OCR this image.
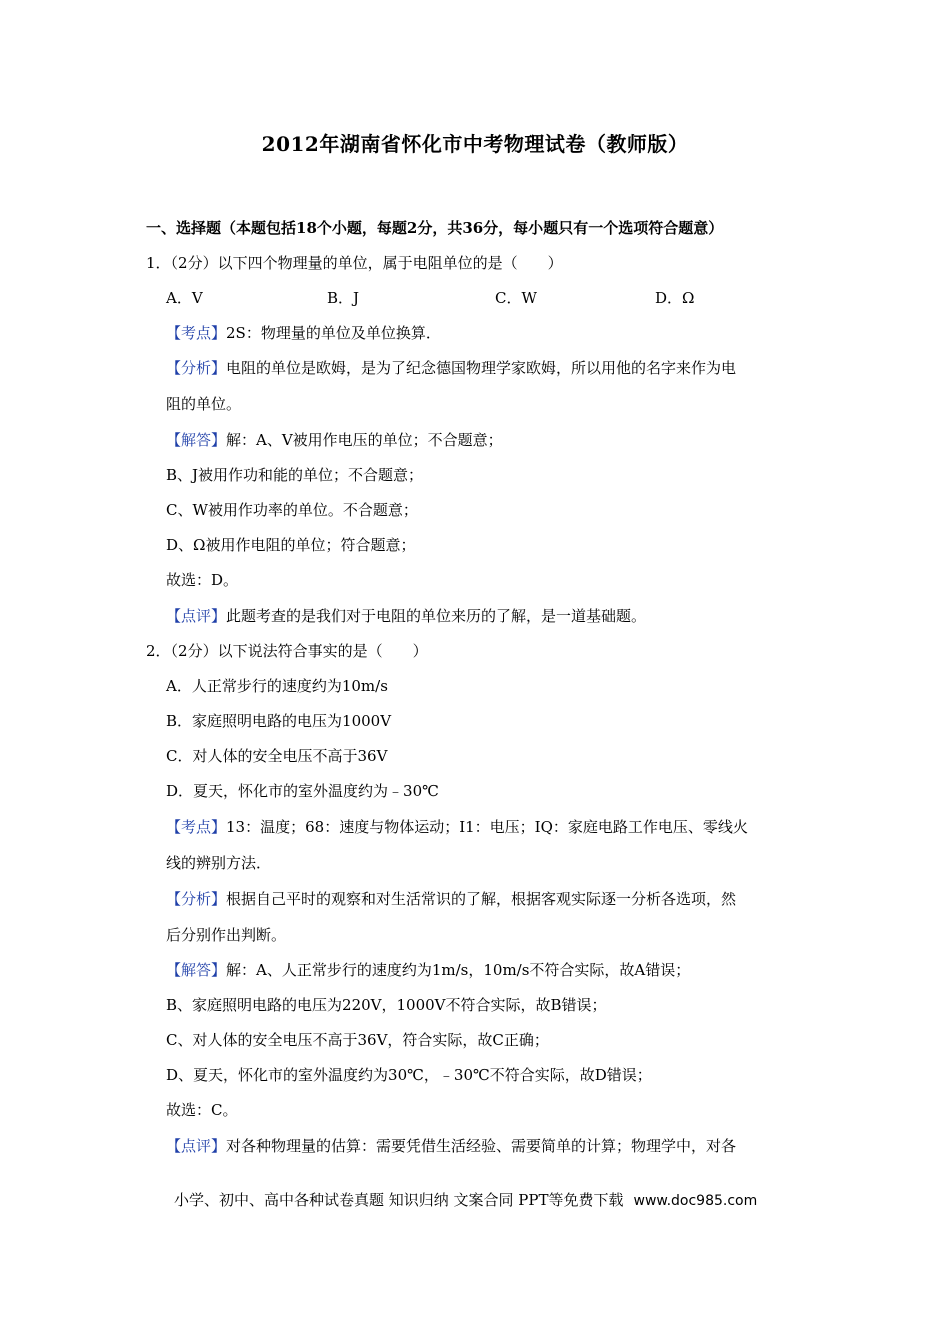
2012年湖南省怀化市中考物理试卷（教师版）
一、选择题（本题包括18个小题，每题2分，共36分，每小题只有一个选项符合题意）
1．（2分）以下四个物理量的单位，属于电阻单位的是（　　）
A．V	B．J	C．W	D．Ω
【考点】2S：物理量的单位及单位换算．
【分析】电阻的单位是欧姆，是为了纪念德国物理学家欧姆，所以用他的名字来作为电
阻的单位。
【解答】解：A、V被用作电压的单位；不合题意；
B、J被用作功和能的单位；不合题意；
C、W被用作功率的单位。不合题意；
D、Ω被用作电阻的单位；符合题意；
故选：D。
【点评】此题考查的是我们对于电阻的单位来历的了解，是一道基础题。
2．（2分）以下说法符合事实的是（　　）
A．人正常步行的速度约为10m/s
B．家庭照明电路的电压为1000V
C．对人体的安全电压不高于36V
D．夏天，怀化市的室外温度约为﹣30℃
【考点】13：温度；68：速度与物体运动；I1：电压；IQ：家庭电路工作电压、零线火
线的辨别方法．
【分析】根据自己平时的观察和对生活常识的了解，根据客观实际逐一分析各选项，然
后分别作出判断。
【解答】解：A、人正常步行的速度约为1m/s，10m/s不符合实际，故A错误；
B、家庭照明电路的电压为220V，1000V不符合实际，故B错误；
C、对人体的安全电压不高于36V，符合实际，故C正确；
D、夏天，怀化市的室外温度约为30℃，﹣30℃不符合实际，故D错误；
故选：C。
【点评】对各种物理量的估算：需要凭借生活经验、需要简单的计算；物理学中，对各
小学、初中、高中各种试卷真题 知识归纳 文案合同 PPT等免费下载 www.doc985.com
